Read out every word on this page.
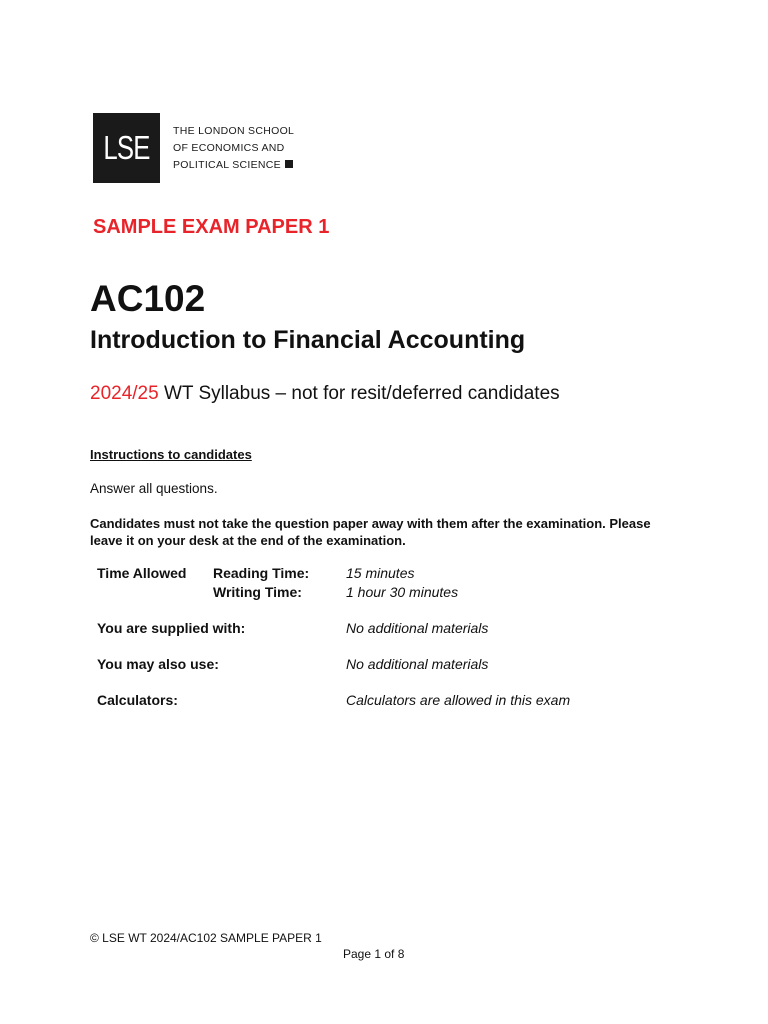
LSE	THE LONDON SCHOOL
OF ECONOMICS AND
POLITICAL SCIENCE
SAMPLE EXAM PAPER 1
AC102
Introduction to Financial Accounting

2024/25 WT Syllabus – not for resit/deferred candidates

Instructions to candidates

Answer all questions.

Candidates must not take the question paper away with them after the examination. Please leave it on your desk at the end of the examination.

Time Allowed Reading Time:	15 minutes
Writing Time:	1 hour 30 minutes
You are supplied with:	No additional materials
You may also use:	No additional materials
Calculators:	Calculators are allowed in this exam

© LSE WT 2024/AC102 SAMPLE PAPER 1

Page 1 of 8
